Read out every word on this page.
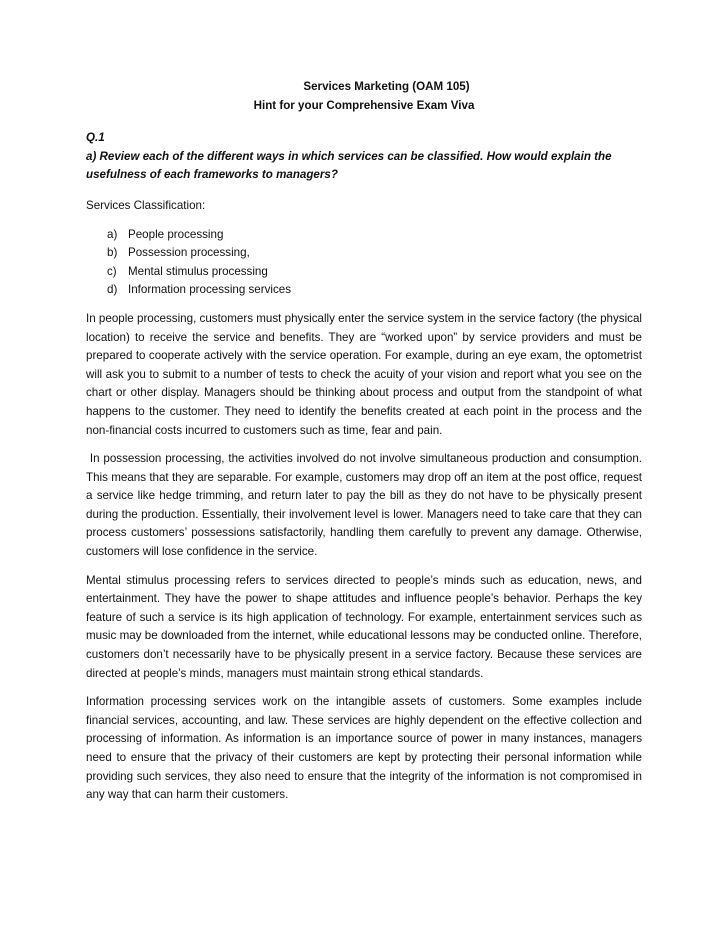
Services Marketing (OAM 105)
Hint for your Comprehensive Exam Viva
Q.1
a) Review each of the different ways in which services can be classified. How would explain the usefulness of each frameworks to managers?
Services Classification:
a) People processing
b) Possession processing,
c) Mental stimulus processing
d) Information processing services

In people processing, customers must physically enter the service system in the service factory (the physical location) to receive the service and benefits. They are “worked upon” by service providers and must be prepared to cooperate actively with the service operation. For example, during an eye exam, the optometrist will ask you to submit to a number of tests to check the acuity of your vision and report what you see on the chart or other display. Managers should be thinking about process and output from the standpoint of what happens to the customer. They need to identify the benefits created at each point in the process and the non-financial costs incurred to customers such as time, fear and pain.

In possession processing, the activities involved do not involve simultaneous production and consumption. This means that they are separable. For example, customers may drop off an item at the post office, request a service like hedge trimming, and return later to pay the bill as they do not have to be physically present during the production. Essentially, their involvement level is lower. Managers need to take care that they can process customers’ possessions satisfactorily, handling them carefully to prevent any damage. Otherwise, customers will lose confidence in the service.

Mental stimulus processing refers to services directed to people’s minds such as education, news, and entertainment. They have the power to shape attitudes and influence people’s behavior. Perhaps the key feature of such a service is its high application of technology. For example, entertainment services such as music may be downloaded from the internet, while educational lessons may be conducted online. Therefore, customers don’t necessarily have to be physically present in a service factory. Because these services are directed at people’s minds, managers must maintain strong ethical standards.

Information processing services work on the intangible assets of customers. Some examples include financial services, accounting, and law. These services are highly dependent on the effective collection and processing of information. As information is an importance source of power in many instances, managers need to ensure that the privacy of their customers are kept by protecting their personal information while providing such services, they also need to ensure that the integrity of the information is not compromised in any way that can harm their customers.
